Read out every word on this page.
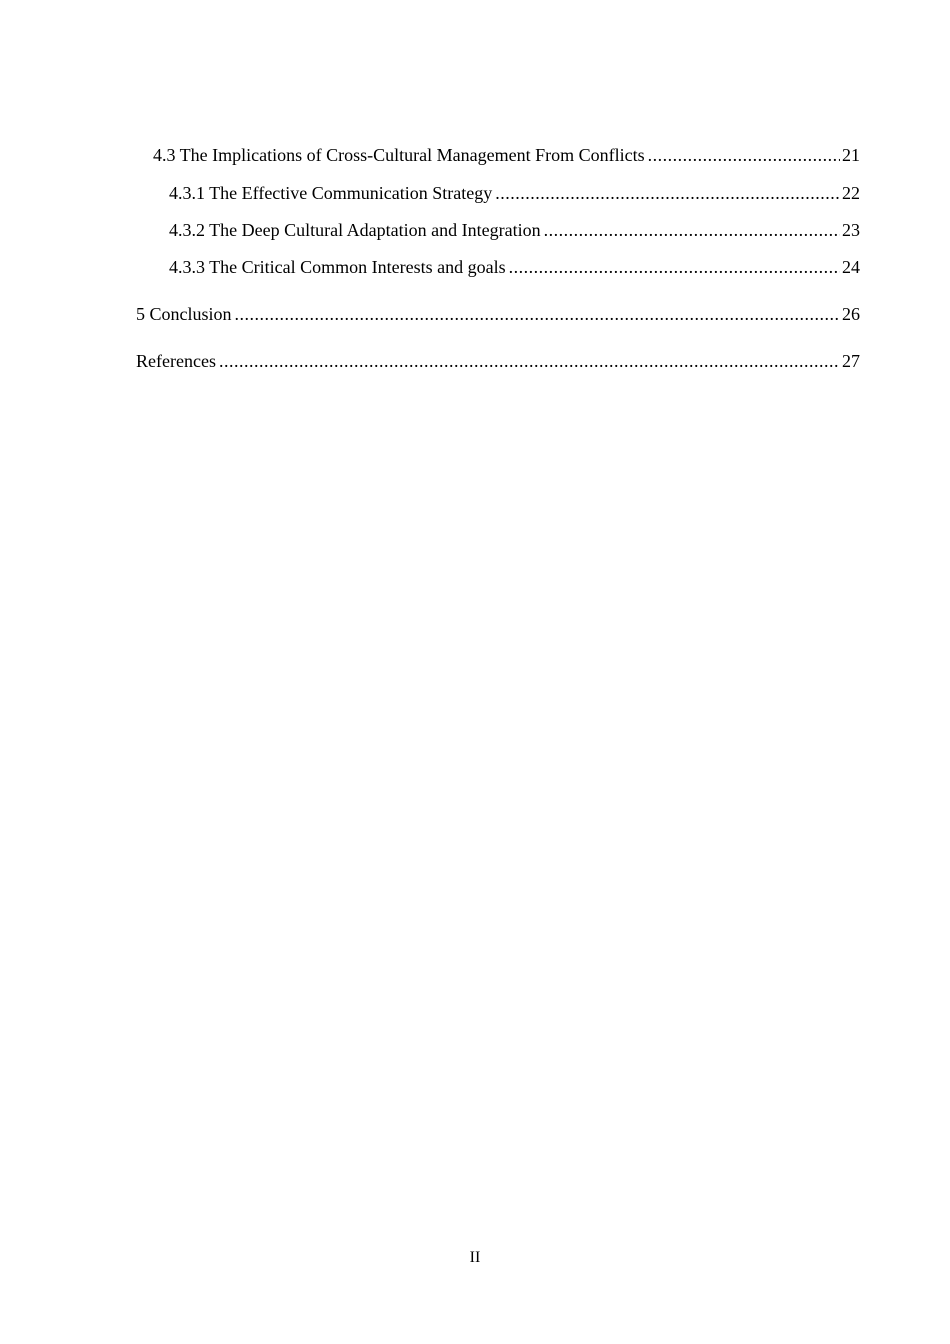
4.3 The Implications of Cross-Cultural Management From Conflicts .....	21
4.3.1 The Effective Communication Strategy .....	22
4.3.2 The Deep Cultural Adaptation and Integration .....	23
4.3.3 The Critical Common Interests and goals .....	24
5 Conclusion .....	26
References .....	27
II
